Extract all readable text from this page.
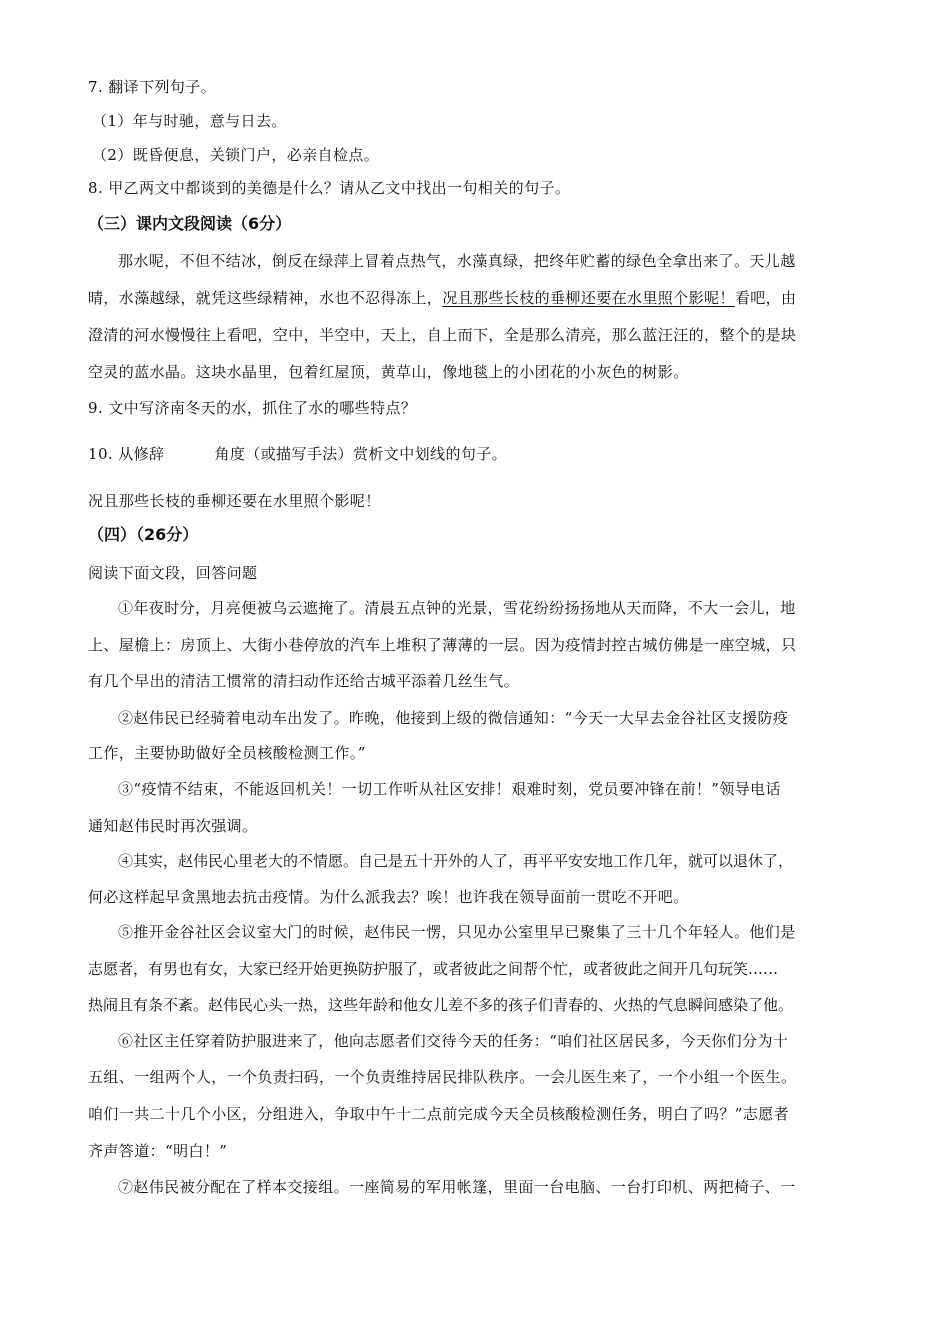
7. 翻译下列句子。
（1）年与时驰，意与日去。
（2）既昏便息，关锁门户，必亲自检点。
8. 甲乙两文中都谈到的美德是什么？请从乙文中找出一句相关的句子。
（三）课内文段阅读（6分）
那水呢，不但不结冰，倒反在绿萍上冒着点热气，水藻真绿，把终年贮蓄的绿色全拿出来了。天儿越
晴，水藻越绿，就凭这些绿精神，水也不忍得冻上，况且那些长枝的垂柳还要在水里照个影呢！看吧，由
澄清的河水慢慢往上看吧，空中，半空中，天上，自上而下，全是那么清亮，那么蓝汪汪的，整个的是块
空灵的蓝水晶。这块水晶里，包着红屋顶，黄草山，像地毯上的小团花的小灰色的树影。
9. 文中写济南冬天的水，抓住了水的哪些特点？
10. 从修辞	角度（或描写手法）赏析文中划线的句子。
况且那些长枝的垂柳还要在水里照个影呢！
（四）（26分）
阅读下面文段，回答问题
①年夜时分，月亮便被乌云遮掩了。清晨五点钟的光景，雪花纷纷扬扬地从天而降，不大一会儿，地
上、屋檐上：房顶上、大街小巷停放的汽车上堆积了薄薄的一层。因为疫情封控古城仿佛是一座空城，只
有几个早出的清洁工惯常的清扫动作还给古城平添着几丝生气。
②赵伟民已经骑着电动车出发了。昨晚，他接到上级的微信通知：“今天一大早去金谷社区支援防疫
工作，主要协助做好全员核酸检测工作。”
③“疫情不结束，不能返回机关！一切工作听从社区安排！艰难时刻，党员要冲锋在前！”领导电话
通知赵伟民时再次强调。
④其实，赵伟民心里老大的不情愿。自己是五十开外的人了，再平平安安地工作几年，就可以退休了，
何必这样起早贪黑地去抗击疫情。为什么派我去？唉！也许我在领导面前一贯吃不开吧。
⑤推开金谷社区会议室大门的时候，赵伟民一愣，只见办公室里早已聚集了三十几个年轻人。他们是
志愿者，有男也有女，大家已经开始更换防护服了，或者彼此之间帮个忙，或者彼此之间开几句玩笑……
热闹且有条不紊。赵伟民心头一热，这些年龄和他女儿差不多的孩子们青春的、火热的气息瞬间感染了他。
⑥社区主任穿着防护服进来了，他向志愿者们交待今天的任务：“咱们社区居民多，今天你们分为十
五组、一组两个人，一个负责扫码，一个负责维持居民排队秩序。一会儿医生来了，一个小组一个医生。
咱们一共二十几个小区，分组进入，争取中午十二点前完成今天全员核酸检测任务，明白了吗？”志愿者
齐声答道：“明白！”
⑦赵伟民被分配在了样本交接组。一座简易的军用帐篷，里面一台电脑、一台打印机、两把椅子、一
